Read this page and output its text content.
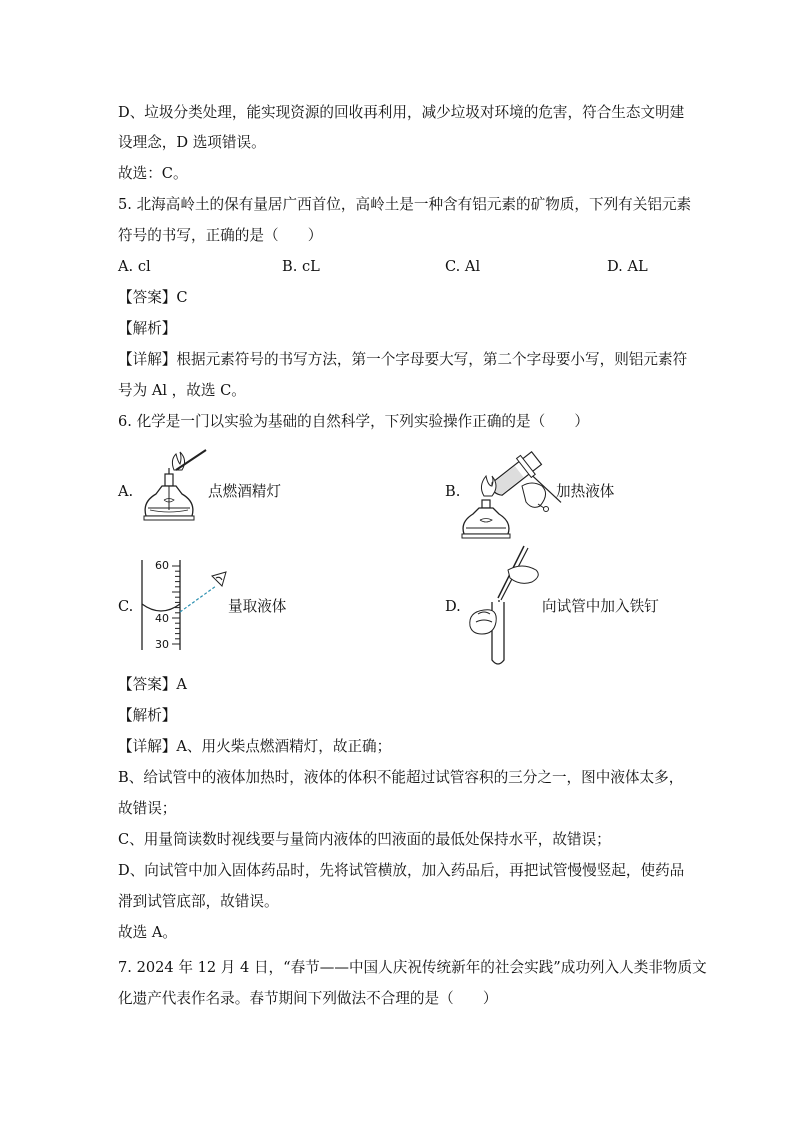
D、垃圾分类处理，能实现资源的回收再利用，减少垃圾对环境的危害，符合生态文明建
设理念，D 选项错误。
故选：C。
5. 北海高岭土的保有量居广西首位，高岭土是一种含有铝元素的矿物质，下列有关铝元素
符号的书写，正确的是（　　）
A. cl	B. cL	C. Al	D. AL
【答案】C
【解析】
【详解】根据元素符号的书写方法，第一个字母要大写，第二个字母要小写，则铝元素符
号为 Al ，故选 C。
6. 化学是一门以实验为基础的自然科学，下列实验操作正确的是（　　）
A.	点燃酒精灯	B.	加热液体
C.
60
40
30
量取液体	D.	向试管中加入铁钉
【答案】A
【解析】
【详解】A、用火柴点燃酒精灯，故正确；
B、给试管中的液体加热时，液体的体积不能超过试管容积的三分之一，图中液体太多，
故错误；
C、用量筒读数时视线要与量筒内液体的凹液面的最低处保持水平，故错误；
D、向试管中加入固体药品时，先将试管横放，加入药品后，再把试管慢慢竖起，使药品
滑到试管底部，故错误。
故选 A。
7. 2024 年 12 月 4 日，“春节——中国人庆祝传统新年的社会实践”成功列入人类非物质文
化遗产代表作名录。春节期间下列做法不合理的是（　　）
